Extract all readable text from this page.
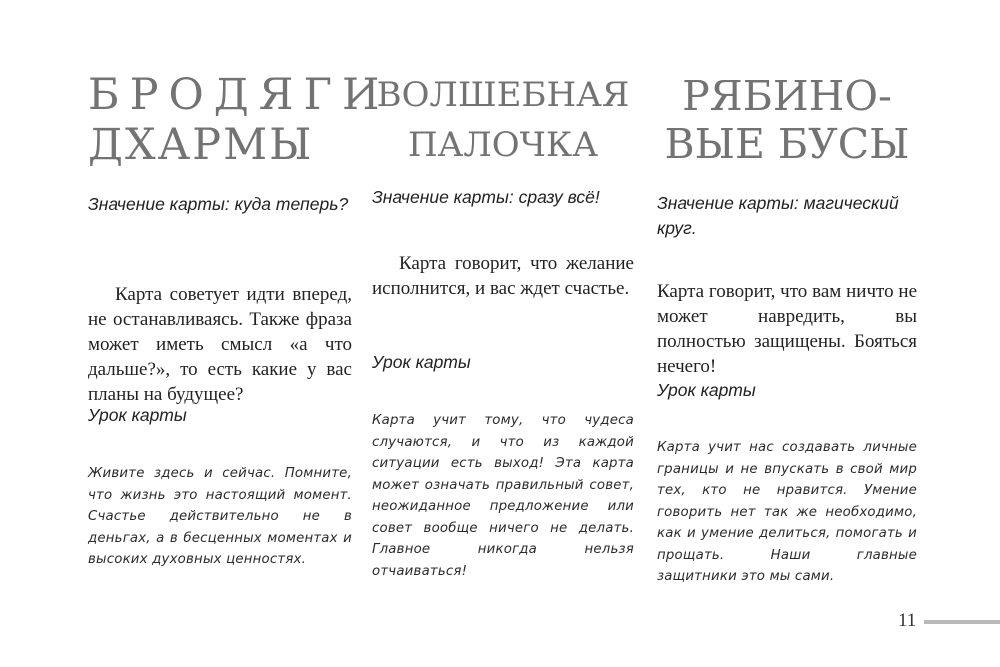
БРОДЯГИ
ДХАРМЫ
Значение карты: куда теперь?

Карта советует идти вперед, не останавливаясь. Также фраза может иметь смысл «а что дальше?», то есть какие у вас планы на будущее?

Урок карты

Живите здесь и сейчас. Помните, что жизнь это настоящий момент. Счастье действительно не в деньгах, а в бесценных моментах и высоких духовных ценностях.

ВОЛШЕБНАЯ
ПАЛОЧКА
Значение карты: сразу всё!

Карта говорит, что желание исполнится, и вас ждет счастье.

Урок карты

Карта учит тому, что чудеса случаются, и что из каждой ситуации есть выход! Эта карта может означать правильный совет, неожиданное предложение или совет вообще ничего не делать. Главное никогда нельзя отчаиваться!

РЯБИНО-
ВЫЕ БУСЫ
Значение карты: магический круг.

Карта говорит, что вам ничто не может навредить, вы полностью защищены. Бояться нечего!

Урок карты

Карта учит нас создавать личные границы и не впускать в свой мир тех, кто не нравится. Умение говорить нет так же необходимо, как и умение делиться, помогать и прощать. Наши главные защитники это мы сами.

11
